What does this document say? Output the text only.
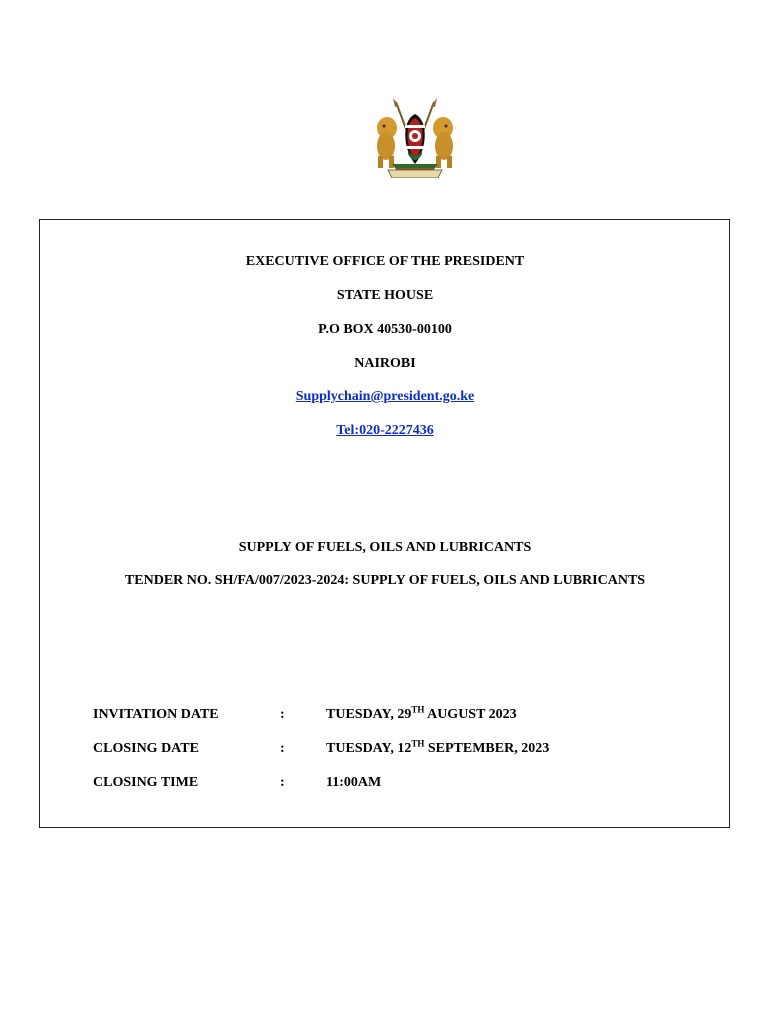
EXECUTIVE OFFICE OF THE PRESIDENT
STATE HOUSE
P.O BOX 40530-00100
NAIROBI
Supplychain@president.go.ke
Tel:020-2227436
SUPPLY OF FUELS, OILS AND LUBRICANTS
TENDER NO. SH/FA/007/2023-2024: SUPPLY OF FUELS, OILS AND LUBRICANTS
INVITATION DATE	:	TUESDAY, 29TH AUGUST 2023
CLOSING DATE	:	TUESDAY, 12TH SEPTEMBER, 2023
CLOSING TIME	:	11:00AM
